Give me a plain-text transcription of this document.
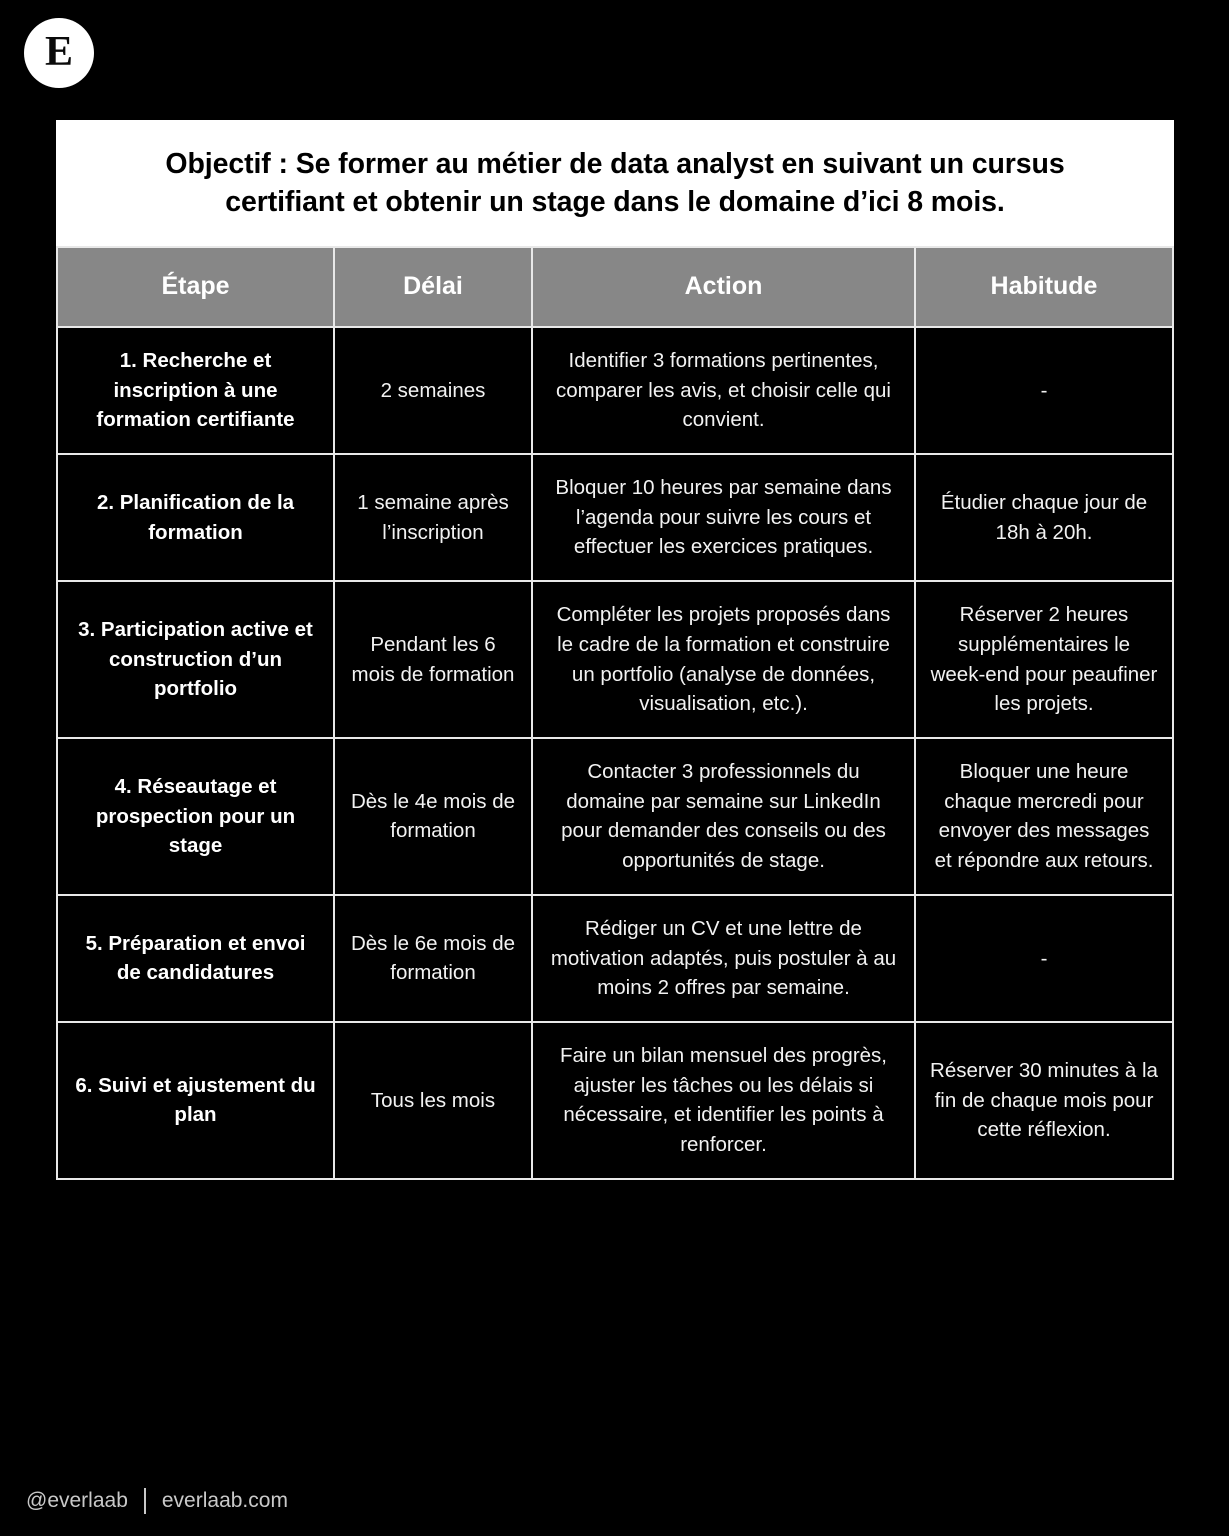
E
Objectif : Se former au métier de data analyst en suivant un cursus certifiant et obtenir un stage dans le domaine d’ici 8 mois.
Étape	Délai	Action	Habitude
1. Recherche et inscription à une formation certifiante	2 semaines	Identifier 3 formations pertinentes, comparer les avis, et choisir celle qui convient.	-
2. Planification de la formation	1 semaine après l’inscription	Bloquer 10 heures par semaine dans l’agenda pour suivre les cours et effectuer les exercices pratiques.	Étudier chaque jour de 18h à 20h.
3. Participation active et construction d’un portfolio	Pendant les 6 mois de formation	Compléter les projets proposés dans le cadre de la formation et construire un portfolio (analyse de données, visualisation, etc.).	Réserver 2 heures supplémentaires le week-end pour peaufiner les projets.
4. Réseautage et prospection pour un stage	Dès le 4e mois de formation	Contacter 3 professionnels du domaine par semaine sur LinkedIn pour demander des conseils ou des opportunités de stage.	Bloquer une heure chaque mercredi pour envoyer des messages et répondre aux retours.
5. Préparation et envoi de candidatures	Dès le 6e mois de formation	Rédiger un CV et une lettre de motivation adaptés, puis postuler à au moins 2 offres par semaine.	-
6. Suivi et ajustement du plan	Tous les mois	Faire un bilan mensuel des progrès, ajuster les tâches ou les délais si nécessaire, et identifier les points à renforcer.	Réserver 30 minutes à la fin de chaque mois pour cette réflexion.
@everlaab everlaab.com
